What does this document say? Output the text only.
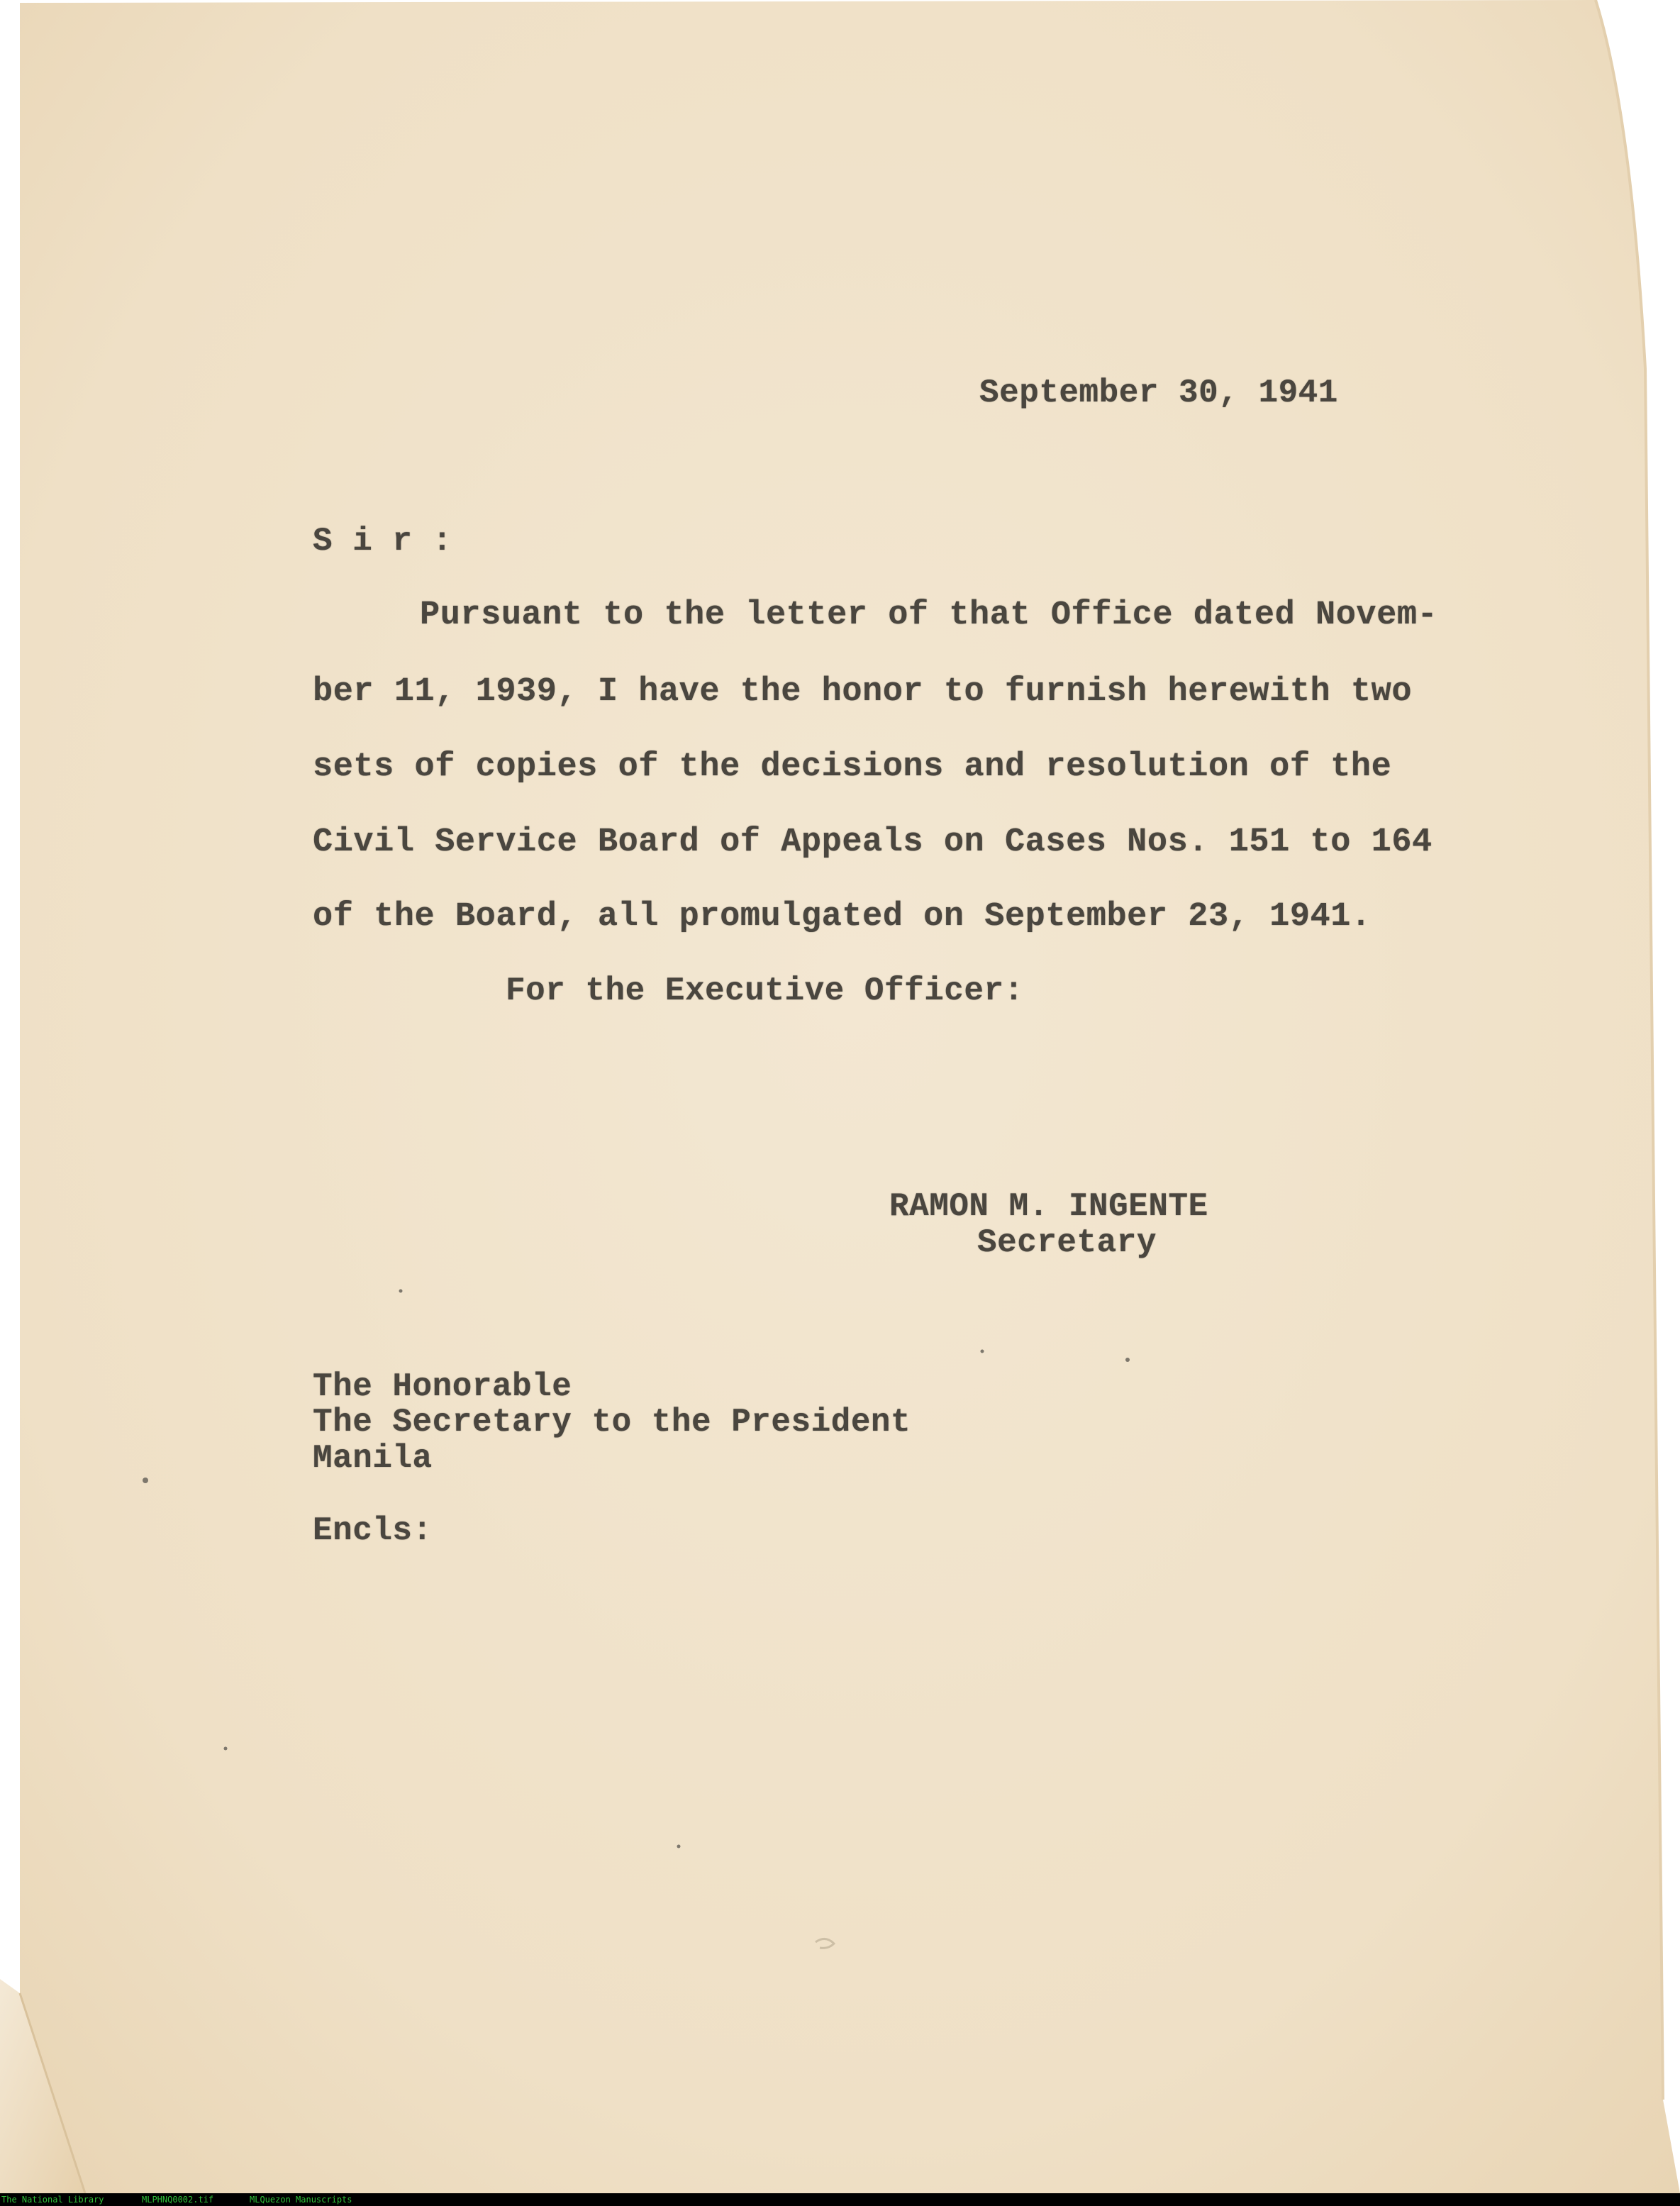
September 30, 1941
S i r :
Pursuant to the letter of that Office dated Novem-
ber 11, 1939, I have the honor to furnish herewith two
sets of copies of the decisions and resolution of the
Civil Service Board of Appeals on Cases Nos. 151 to 164
of the Board, all promulgated on September 23, 1941.
For the Executive Officer:
RAMON M. INGENTE
Secretary
The Honorable
The Secretary to the President
Manila
Encls:

The National Library

	MLPHNQ0002.tif

	MLQuezon Manuscripts
